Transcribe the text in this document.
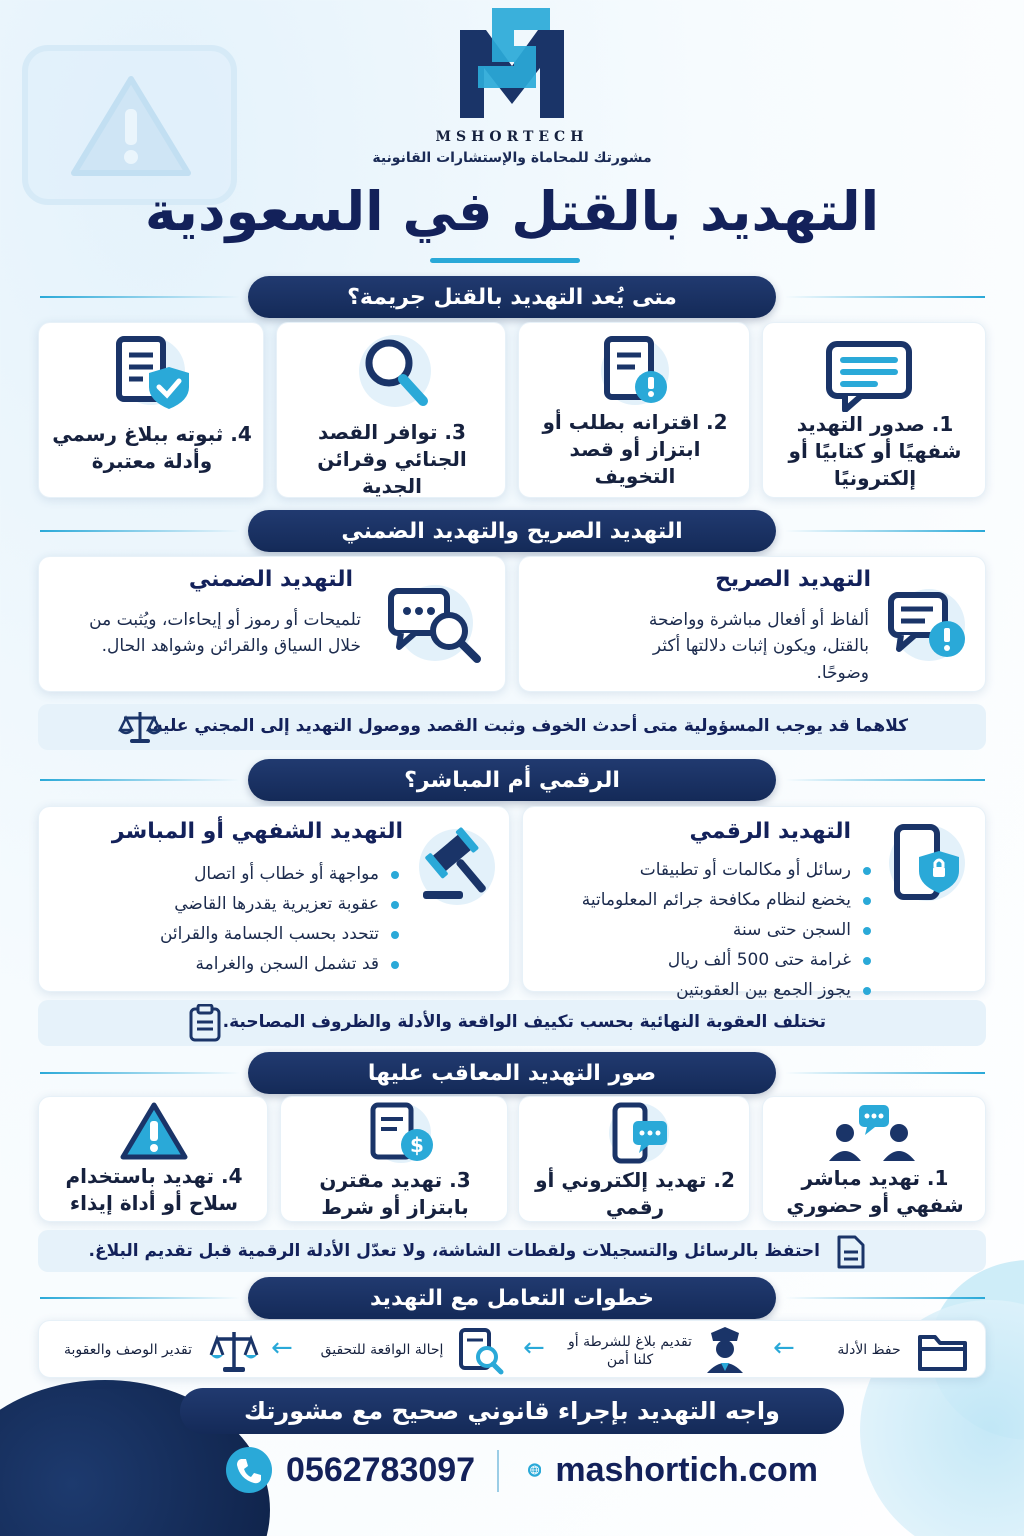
MSHORTECH
مشورتك للمحاماة والإستشارات القانونية
التهديد بالقتل في السعودية
متى يُعد التهديد بالقتل جريمة؟
1. صدور التهديد شفهيًا أو كتابيًا أو إلكترونيًا
2. اقترانه بطلب أو ابتزاز أو قصد التخويف
3. توافر القصد الجنائي وقرائن الجدية
4. ثبوته ببلاغ رسمي وأدلة معتبرة
التهديد الصريح والتهديد الضمني
التهديد الصريح
ألفاظ أو أفعال مباشرة وواضحة بالقتل، ويكون إثبات دلالتها أكثر وضوحًا.
التهديد الضمني
تلميحات أو رموز أو إيحاءات، ويُثبت من خلال السياق والقرائن وشواهد الحال.
كلاهما قد يوجب المسؤولية متى أحدث الخوف وثبت القصد ووصول التهديد إلى المجني عليه.
الرقمي أم المباشر؟
التهديد الرقمي
رسائل أو مكالمات أو تطبيقات
يخضع لنظام مكافحة جرائم المعلوماتية
السجن حتى سنة
غرامة حتى 500 ألف ريال
يجوز الجمع بين العقوبتين
التهديد الشفهي أو المباشر
مواجهة أو خطاب أو اتصال
عقوبة تعزيرية يقدرها القاضي
تتحدد بحسب الجسامة والقرائن
قد تشمل السجن والغرامة
تختلف العقوبة النهائية بحسب تكييف الواقعة والأدلة والظروف المصاحبة.
صور التهديد المعاقب عليها
1. تهديد مباشر شفهي أو حضوري
2. تهديد إلكتروني أو رقمي
$
3. تهديد مقترن بابتزاز أو شرط
4. تهديد باستخدام سلاح أو أداة إيذاء
احتفظ بالرسائل والتسجيلات ولقطات الشاشة، ولا تعدّل الأدلة الرقمية قبل تقديم البلاغ.
خطوات التعامل مع التهديد
حفظ الأدلة
←
تقديم بلاغ للشرطة أو كلنا أمن
←
إحالة الواقعة للتحقيق
←
تقدير الوصف والعقوبة
واجه التهديد بإجراء قانوني صحيح مع مشورتك
0562783097 mashortich.com
